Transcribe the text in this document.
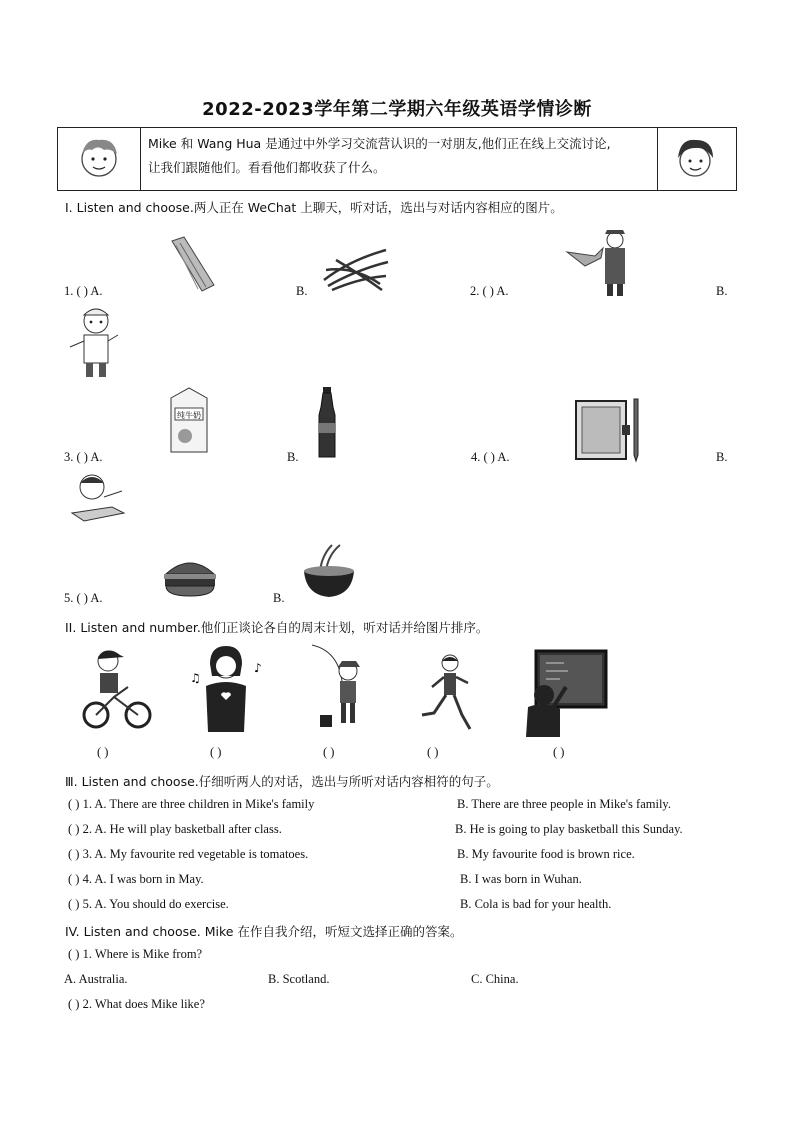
2022-2023学年第二学期六年级英语学情诊断
Mike 和 Wang Hua 是通过中外学习交流营认识的一对朋友,他们正在线上交流讨论,
让我们跟随他们。看看他们都收获了什么。
Ⅰ. Listen and choose.两人正在 WeChat 上聊天，听对话，选出与对话内容相应的图片。
1. ( ) A.	B.	2. ( ) A.	B.
3. ( ) A.
纯牛奶
B.	4. ( ) A.	B.
5. ( ) A.	B.
II. Listen and number.他们正谈论各自的周末计划，听对话并给图片排序。
♪
♫
( )	( )	( )	( )	( )
Ⅲ. Listen and choose.仔细听两人的对话，选出与所听对话内容相符的句子。
( ) 1. A. There are three children in Mike's family	B. There are three people in Mike's family.
( ) 2. A. He will play basketball after class.	B. He is going to play basketball this Sunday.
( ) 3. A. My favourite red vegetable is tomatoes.	B. My favourite food is brown rice.
( ) 4. A. I was born in May.	B. I was born in Wuhan.
( ) 5. A. You should do exercise.	B. Cola is bad for your health.
IV. Listen and choose. Mike 在作自我介绍，听短文选择正确的答案。
( ) 1. Where is Mike from?
A. Australia.	B. Scotland.	C. China.
( ) 2. What does Mike like?
